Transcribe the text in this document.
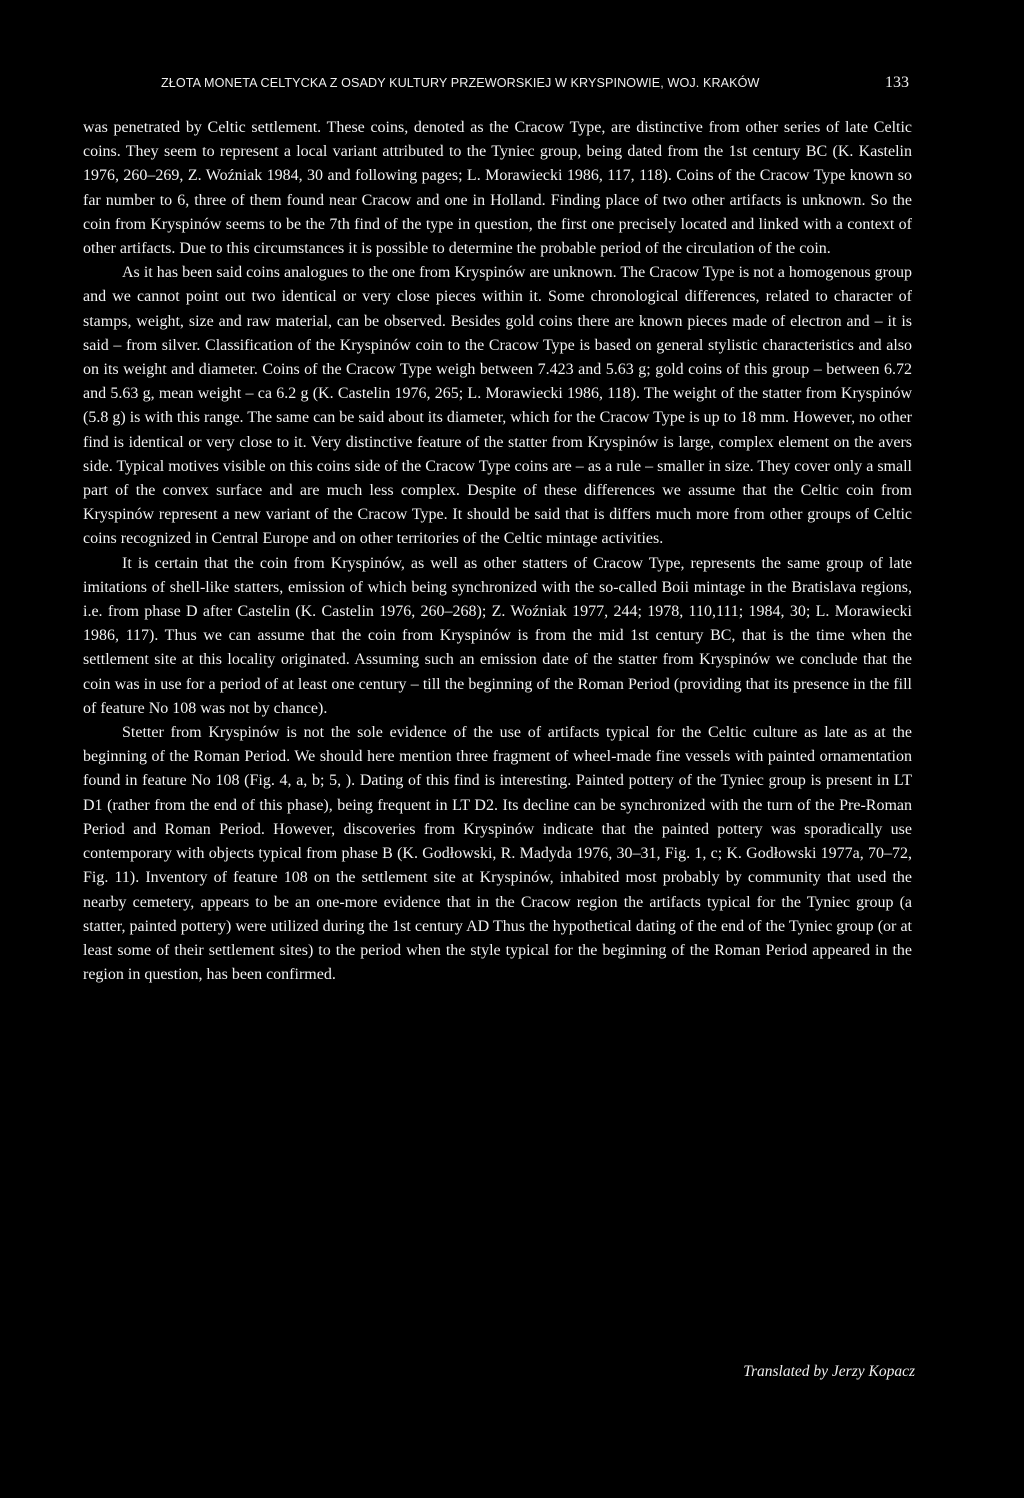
ZŁOTA MONETA CELTYCKA Z OSADY KULTURY PRZEWORSKIEJ W KRYSPINOWIE, WOJ. KRAKÓW	133

was penetrated by Celtic settlement. These coins, denoted as the Cracow Type, are distinctive from other series of late Celtic coins. They seem to represent a local variant attributed to the Tyniec group, being dated from the 1st century BC (K. Kastelin 1976, 260–269, Z. Woźniak 1984, 30 and following pages; L. Morawiecki 1986, 117, 118). Coins of the Cracow Type known so far number to 6, three of them found near Cracow and one in Holland. Finding place of two other artifacts is unknown. So the coin from Kryspinów seems to be the 7th find of the type in question, the first one precisely located and linked with a context of other artifacts. Due to this circumstances it is possible to determine the probable period of the circulation of the coin.

As it has been said coins analogues to the one from Kryspinów are unknown. The Cracow Type is not a homogenous group and we cannot point out two identical or very close pieces within it. Some chronological differences, related to character of stamps, weight, size and raw material, can be observed. Besides gold coins there are known pieces made of electron and – it is said – from silver. Classification of the Kryspinów coin to the Cracow Type is based on general stylistic characteristics and also on its weight and diameter. Coins of the Cracow Type weigh between 7.423 and 5.63 g; gold coins of this group – between 6.72 and 5.63 g, mean weight – ca 6.2 g (K. Castelin 1976, 265; L. Morawiecki 1986, 118). The weight of the statter from Kryspinów (5.8 g) is with this range. The same can be said about its diameter, which for the Cracow Type is up to 18 mm. However, no other find is identical or very close to it. Very distinctive feature of the statter from Kryspinów is large, complex element on the avers side. Typical motives visible on this coins side of the Cracow Type coins are – as a rule – smaller in size. They cover only a small part of the convex surface and are much less complex. Despite of these differences we assume that the Celtic coin from Kryspinów represent a new variant of the Cracow Type. It should be said that is differs much more from other groups of Celtic coins recognized in Central Europe and on other territories of the Celtic mintage activities.

It is certain that the coin from Kryspinów, as well as other statters of Cracow Type, represents the same group of late imitations of shell-like statters, emission of which being synchronized with the so-called Boii mintage in the Bratislava regions, i.e. from phase D after Castelin (K. Castelin 1976, 260–268); Z. Woźniak 1977, 244; 1978, 110,111; 1984, 30; L. Morawiecki 1986, 117). Thus we can assume that the coin from Kryspinów is from the mid 1st century BC, that is the time when the settlement site at this locality originated. Assuming such an emission date of the statter from Kryspinów we conclude that the coin was in use for a period of at least one century – till the beginning of the Roman Period (providing that its presence in the fill of feature No 108 was not by chance).

Stetter from Kryspinów is not the sole evidence of the use of artifacts typical for the Celtic culture as late as at the beginning of the Roman Period. We should here mention three fragment of wheel-made fine vessels with painted ornamentation found in feature No 108 (Fig. 4, a, b; 5, ). Dating of this find is interesting. Painted pottery of the Tyniec group is present in LT D1 (rather from the end of this phase), being frequent in LT D2. Its decline can be synchronized with the turn of the Pre-Roman Period and Roman Period. However, discoveries from Kryspinów indicate that the painted pottery was sporadically use contemporary with objects typical from phase B (K. Godłowski, R. Madyda 1976, 30–31, Fig. 1, c; K. Godłowski 1977a, 70–72, Fig. 11). Inventory of feature 108 on the settlement site at Kryspinów, inhabited most probably by community that used the nearby cemetery, appears to be an one-more evidence that in the Cracow region the artifacts typical for the Tyniec group (a statter, painted pottery) were utilized during the 1st century AD Thus the hypothetical dating of the end of the Tyniec group (or at least some of their settlement sites) to the period when the style typical for the beginning of the Roman Period appeared in the region in question, has been confirmed.

Translated by Jerzy Kopacz
